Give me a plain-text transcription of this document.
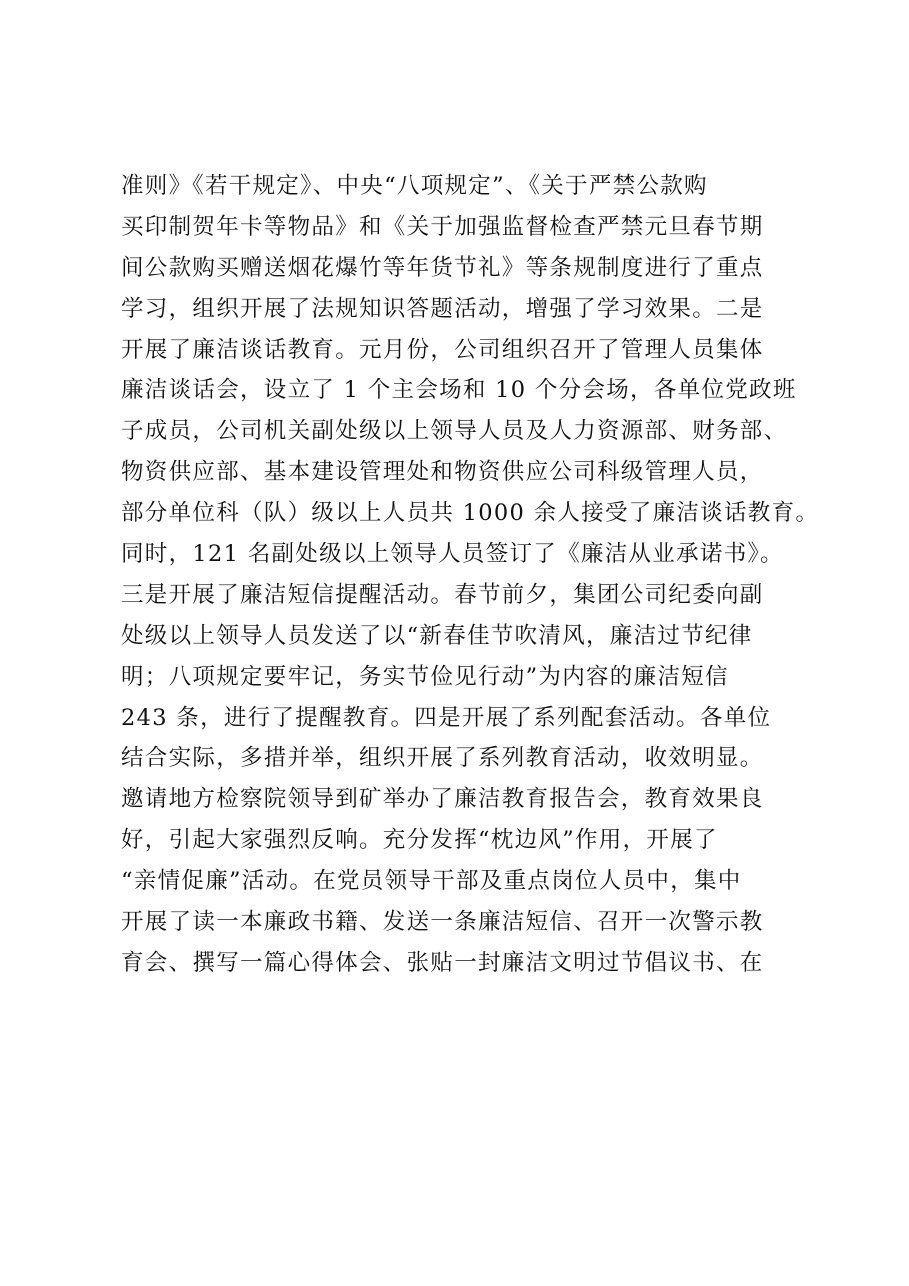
准则》《若干规定》、中央“八项规定”、《关于严禁公款购
买印制贺年卡等物品》和《关于加强监督检查严禁元旦春节期
间公款购买赠送烟花爆竹等年货节礼》等条规制度进行了重点
学习，组织开展了法规知识答题活动，增强了学习效果。二是
开展了廉洁谈话教育。元月份，公司组织召开了管理人员集体
廉洁谈话会，设立了 1 个主会场和 10 个分会场，各单位党政班
子成员，公司机关副处级以上领导人员及人力资源部、财务部、
物资供应部、基本建设管理处和物资供应公司科级管理人员，
部分单位科（队）级以上人员共 1000 余人接受了廉洁谈话教育。
同时，121 名副处级以上领导人员签订了《廉洁从业承诺书》。
三是开展了廉洁短信提醒活动。春节前夕，集团公司纪委向副
处级以上领导人员发送了以“新春佳节吹清风，廉洁过节纪律
明；八项规定要牢记，务实节俭见行动”为内容的廉洁短信
243 条，进行了提醒教育。四是开展了系列配套活动。各单位
结合实际，多措并举，组织开展了系列教育活动，收效明显。
邀请地方检察院领导到矿举办了廉洁教育报告会，教育效果良
好，引起大家强烈反响。充分发挥“枕边风”作用，开展了
“亲情促廉”活动。在党员领导干部及重点岗位人员中，集中
开展了读一本廉政书籍、发送一条廉洁短信、召开一次警示教
育会、撰写一篇心得体会、张贴一封廉洁文明过节倡议书、在
